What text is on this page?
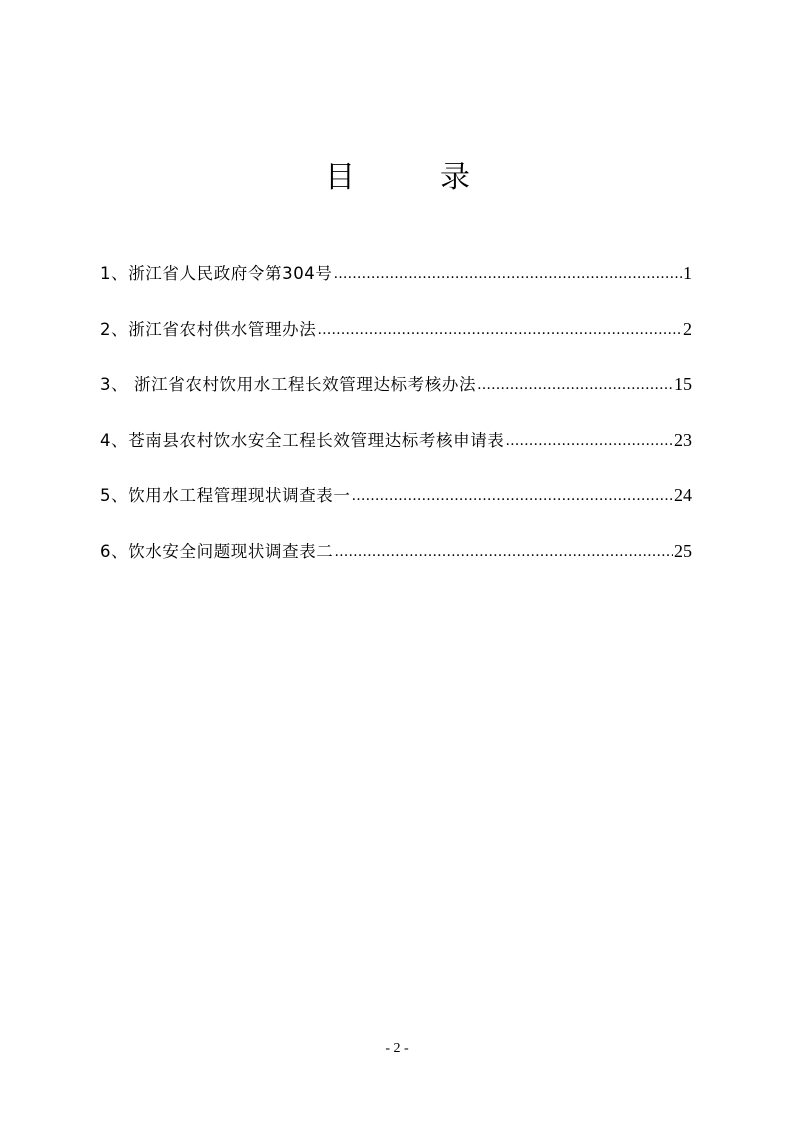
目	录
1、浙江省人民政府令第304号 ………………………………………………………………………………………………………………………………………………………………………………	1
2、浙江省农村供水管理办法 ………………………………………………………………………………………………………………………………………………………………………………	2
3、 浙江省农村饮用水工程长效管理达标考核办法 ………………………………………………………………………………………………………………………………………………………………………………	15
4、苍南县农村饮水安全工程长效管理达标考核申请表 ………………………………………………………………………………………………………………………………………………………………………………	23
5、饮用水工程管理现状调查表一 ………………………………………………………………………………………………………………………………………………………………………………	24
6、饮水安全问题现状调查表二 ………………………………………………………………………………………………………………………………………………………………………………	25
- 2 -
